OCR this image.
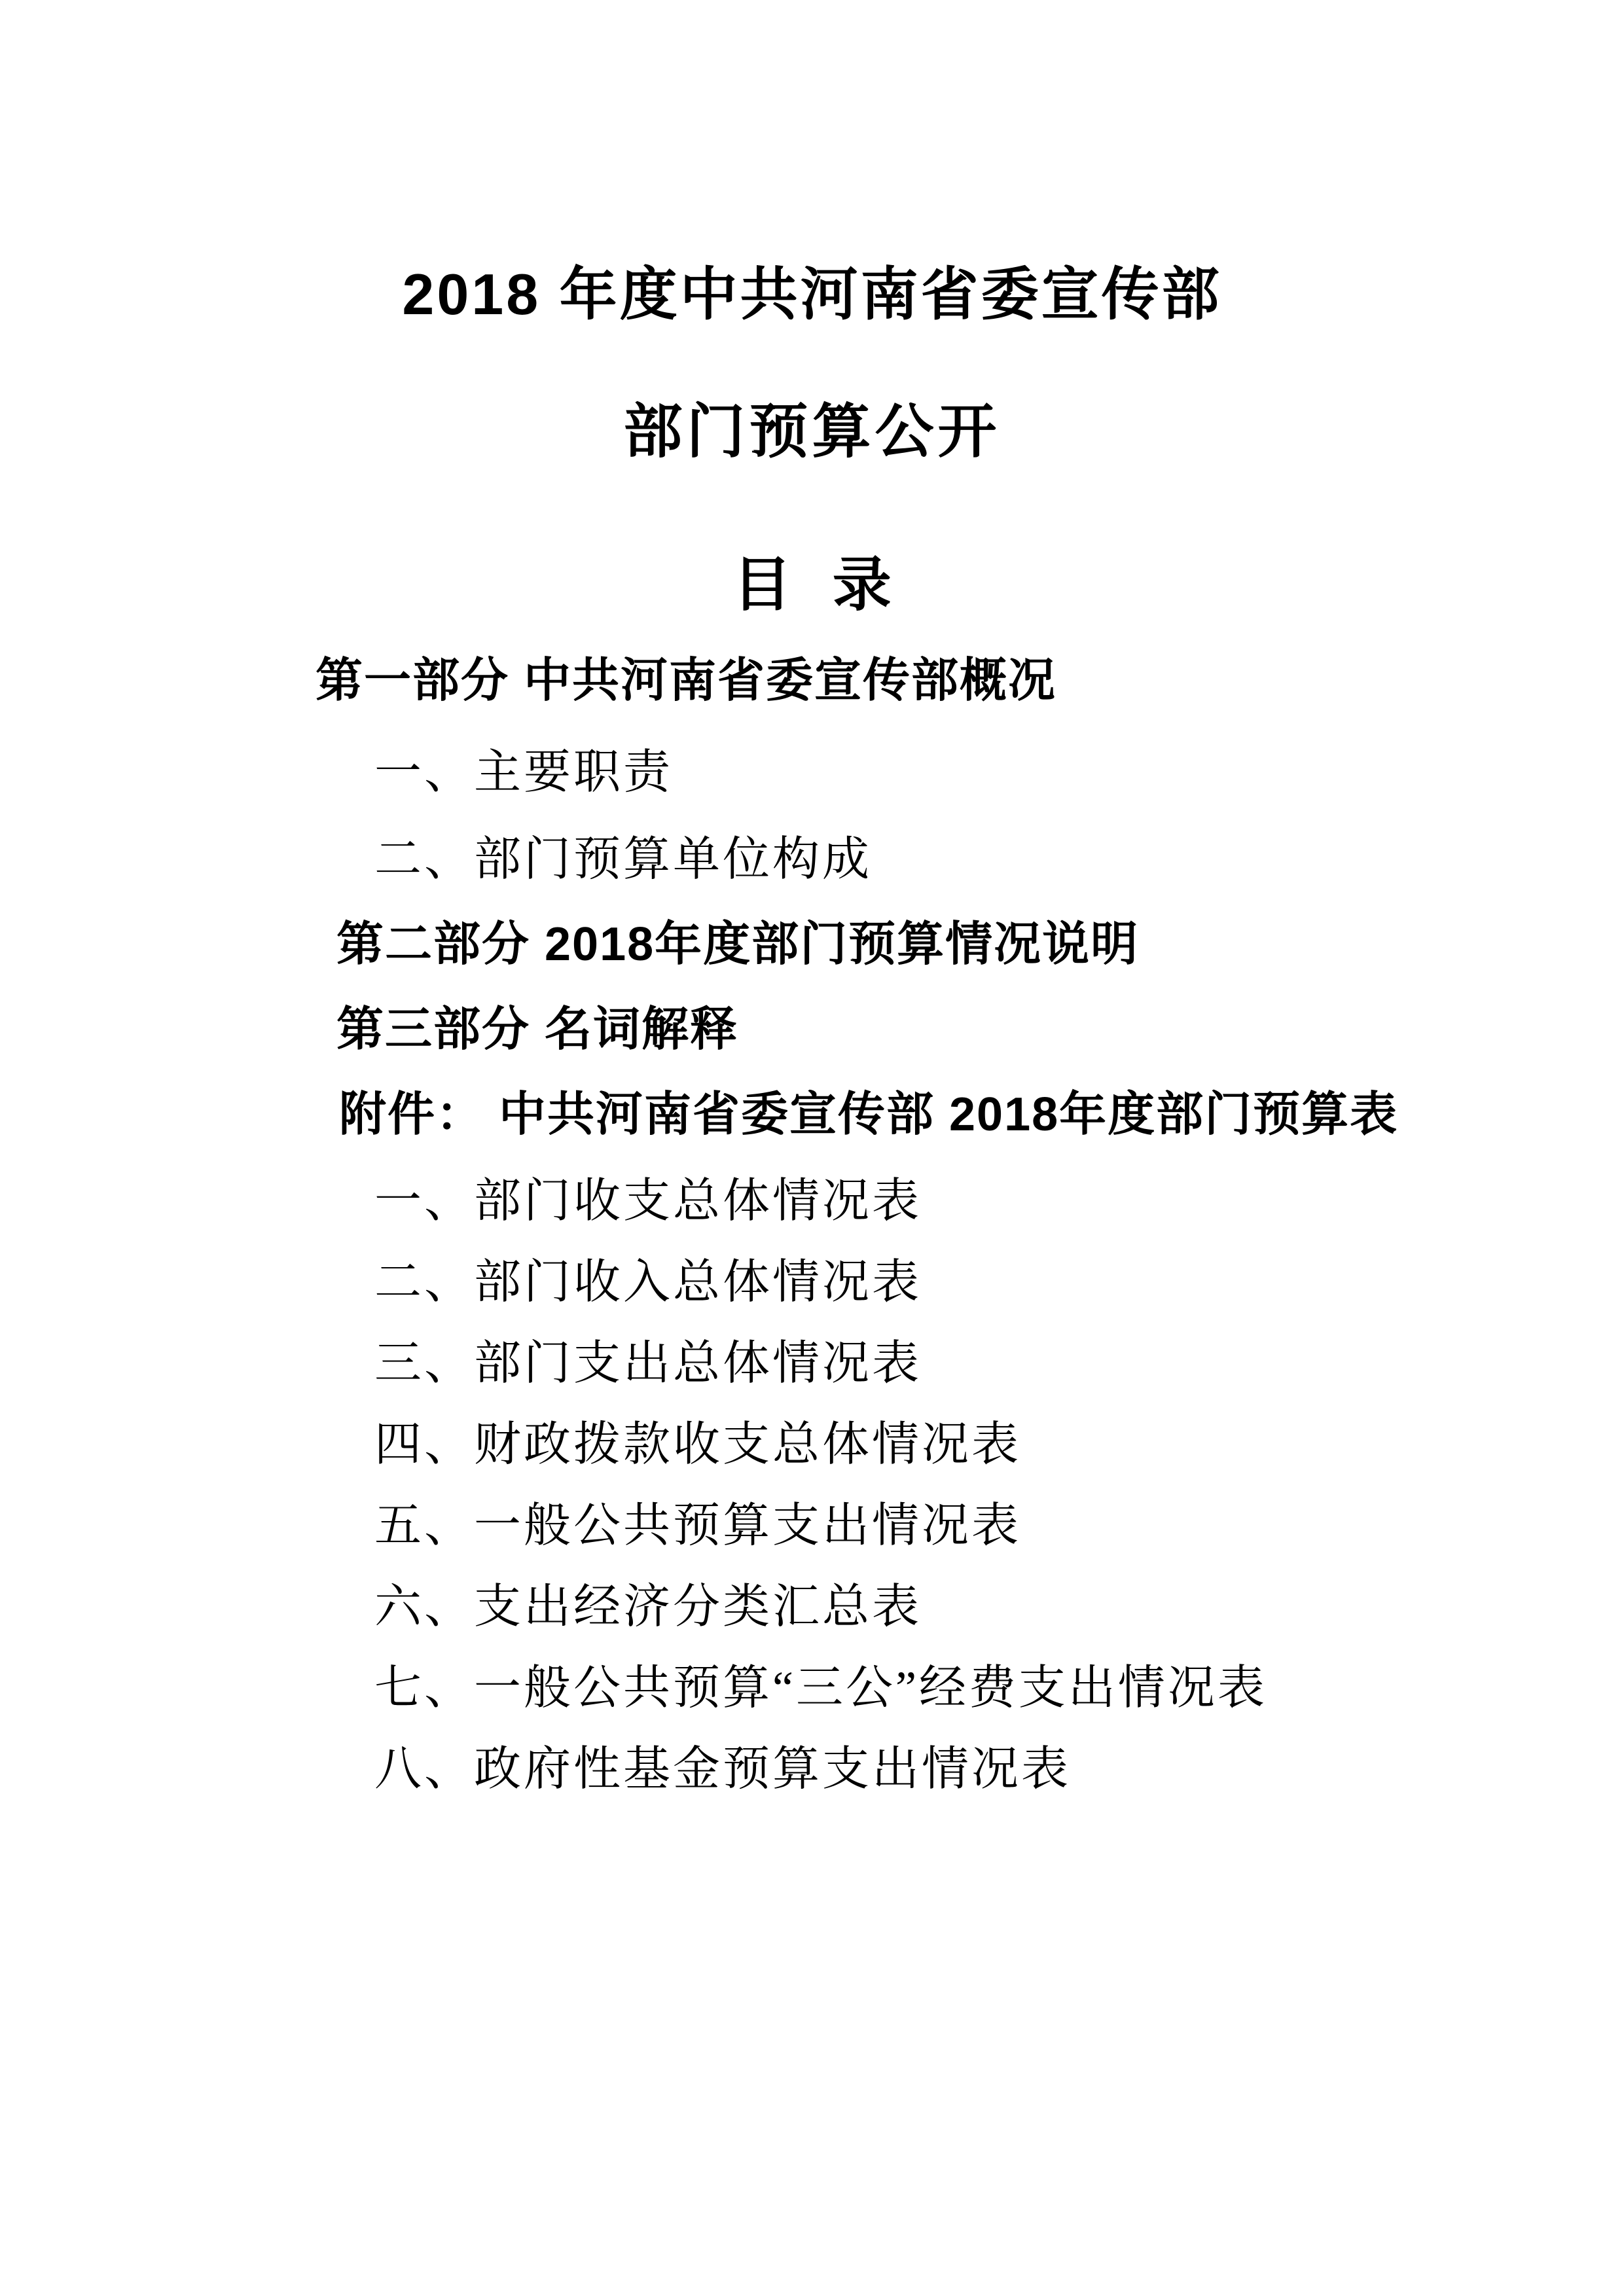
2018 年度中共河南省委宣传部
部门预算公开
目 录
第一部分 中共河南省委宣传部概况
一、主要职责
二、部门预算单位构成
第二部分 2018年度部门预算情况说明
第三部分 名词解释
附件： 中共河南省委宣传部 2018年度部门预算表
一、部门收支总体情况表
二、部门收入总体情况表
三、部门支出总体情况表
四、财政拨款收支总体情况表
五、一般公共预算支出情况表
六、支出经济分类汇总表
七、一般公共预算“三公”经费支出情况表
八、政府性基金预算支出情况表
